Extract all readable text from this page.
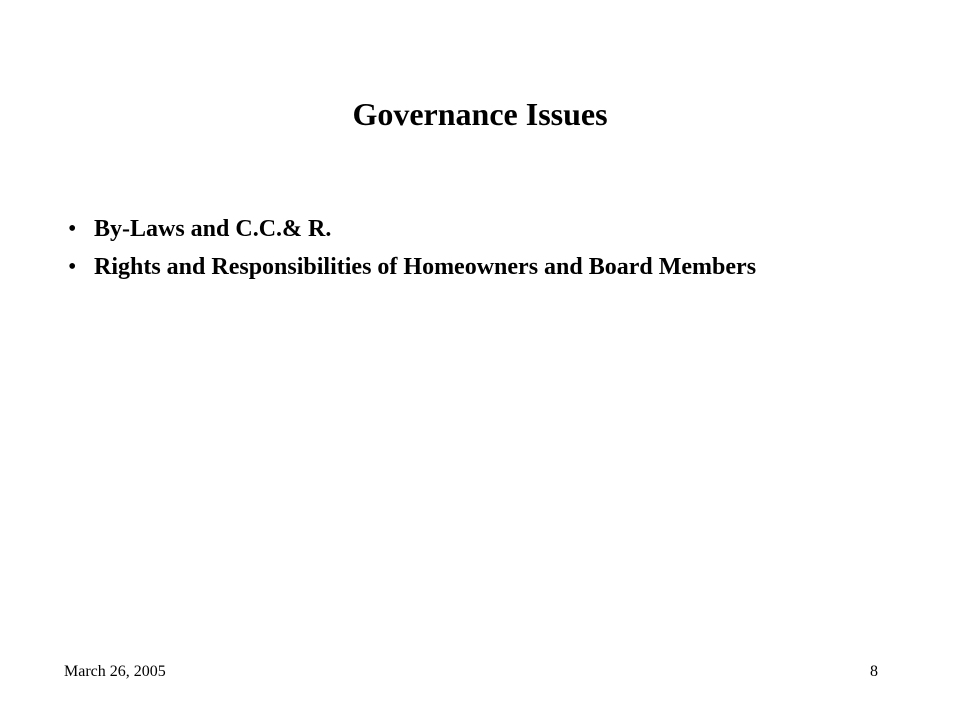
Governance Issues
• By-Laws and C.C.& R.
• Rights and Responsibilities of Homeowners and Board Members
March 26, 2005	8
